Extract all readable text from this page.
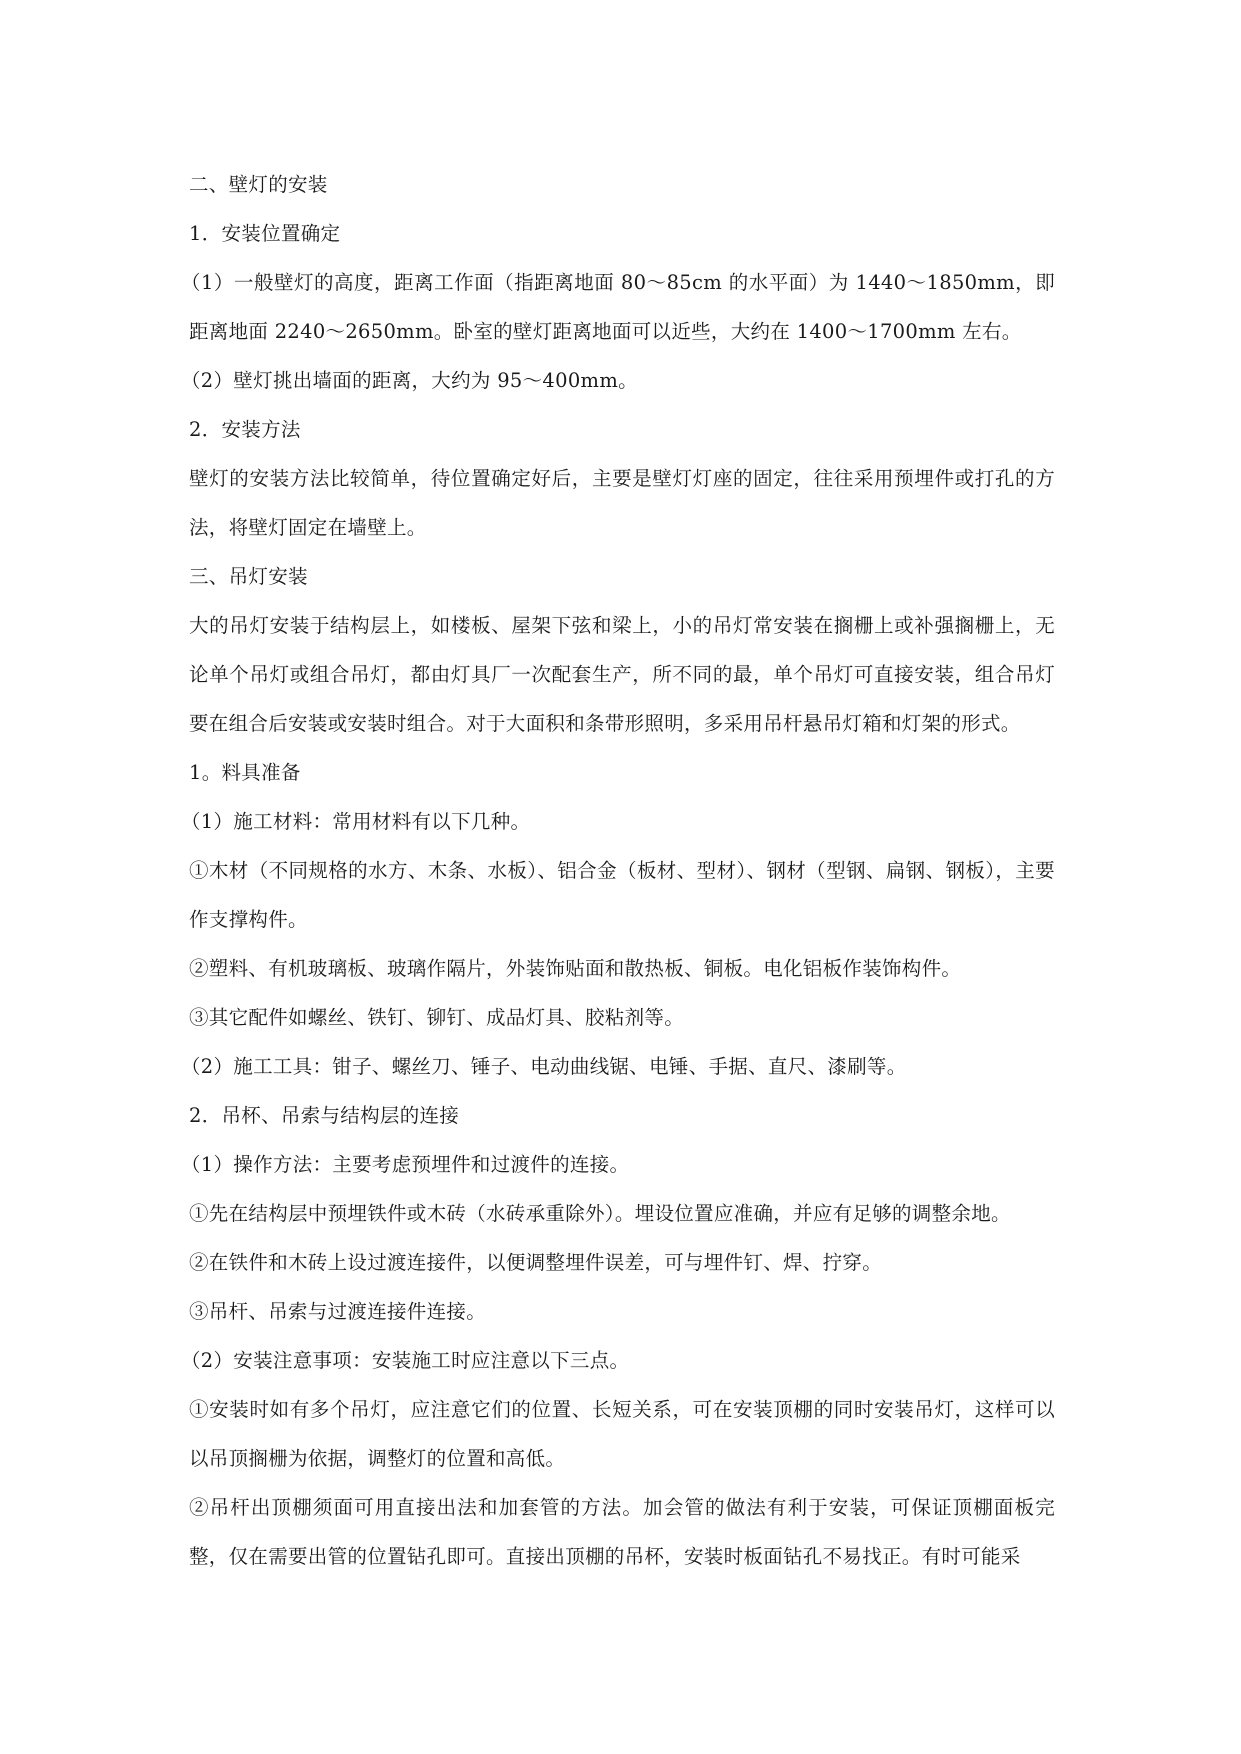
二、壁灯的安装

1．安装位置确定

（1）一般壁灯的高度，距离工作面（指距离地面 80～85cm 的水平面）为 1440～1850mm，即距离地面 2240～2650mm。卧室的壁灯距离地面可以近些，大约在 1400～1700mm 左右。

（2）壁灯挑出墙面的距离，大约为 95～400mm。

2．安装方法

壁灯的安装方法比较简单，待位置确定好后，主要是壁灯灯座的固定，往往采用预埋件或打孔的方法，将壁灯固定在墙壁上。

三、吊灯安装

大的吊灯安装于结构层上，如楼板、屋架下弦和梁上，小的吊灯常安装在搁栅上或补强搁栅上，无论单个吊灯或组合吊灯，都由灯具厂一次配套生产，所不同的最，单个吊灯可直接安装，组合吊灯要在组合后安装或安装时组合。对于大面积和条带形照明，多采用吊杆悬吊灯箱和灯架的形式。

1。料具准备

（1）施工材料：常用材料有以下几种。

①木材（不同规格的水方、木条、水板）、铝合金（板材、型材）、钢材（型钢、扁钢、钢板），主要作支撑构件。

②塑料、有机玻璃板、玻璃作隔片，外装饰贴面和散热板、铜板。电化铝板作装饰构件。

③其它配件如螺丝、铁钉、铆钉、成品灯具、胶粘剂等。

（2）施工工具：钳子、螺丝刀、锤子、电动曲线锯、电锤、手据、直尺、漆刷等。

2．吊杯、吊索与结构层的连接

（1）操作方法：主要考虑预埋件和过渡件的连接。

①先在结构层中预埋铁件或木砖（水砖承重除外）。埋设位置应准确，并应有足够的调整余地。

②在铁件和木砖上设过渡连接件，以便调整埋件误差，可与埋件钉、焊、拧穿。

③吊杆、吊索与过渡连接件连接。

（2）安装注意事项：安装施工时应注意以下三点。

①安装时如有多个吊灯，应注意它们的位置、长短关系，可在安装顶棚的同时安装吊灯，这样可以以吊顶搁栅为依据，调整灯的位置和高低。

②吊杆出顶棚须面可用直接出法和加套管的方法。加会管的做法有利于安装，可保证顶棚面板完整，仅在需要出管的位置钻孔即可。直接出顶棚的吊杯，安装时板面钻孔不易找正。有时可能采
